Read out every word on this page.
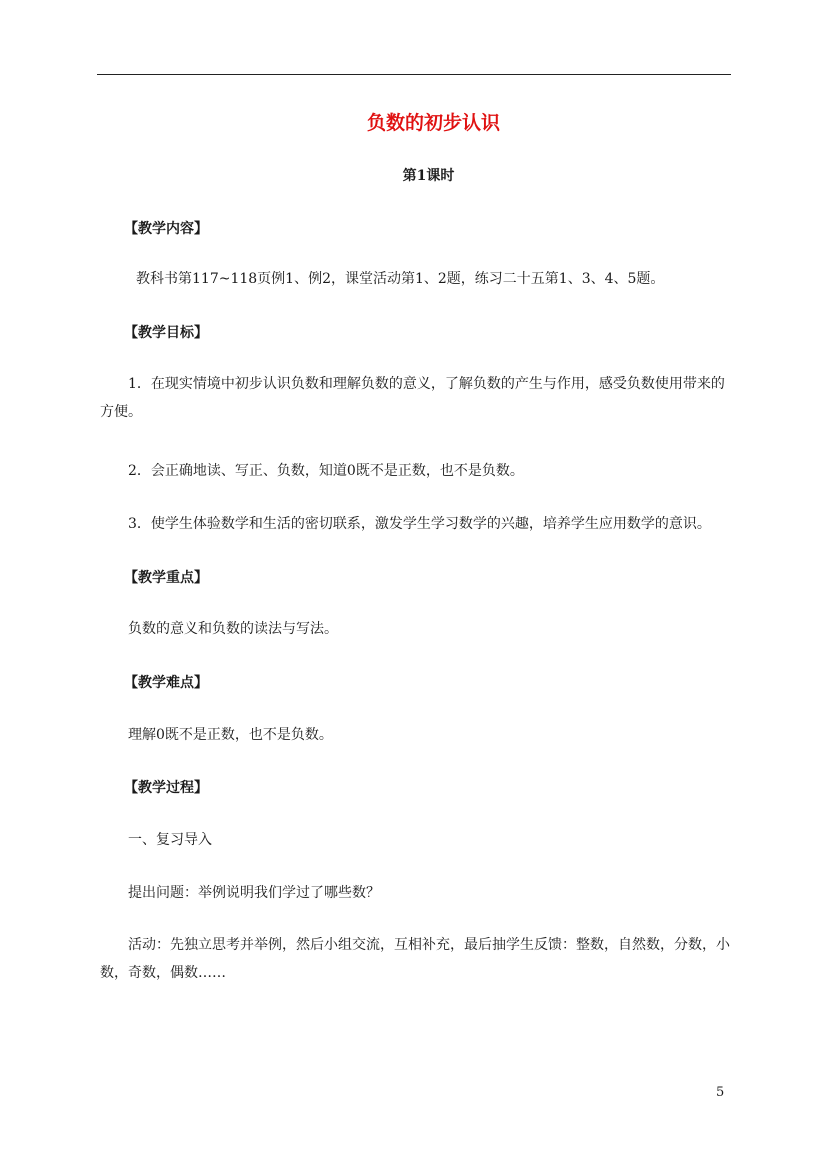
负数的初步认识
第1课时
【教学内容】
教科书第117~118页例1、例2，课堂活动第1、2题，练习二十五第1、3、4、5题。
【教学目标】
1．在现实情境中初步认识负数和理解负数的意义，了解负数的产生与作用，感受负数使用带来的方便。
2．会正确地读、写正、负数，知道0既不是正数，也不是负数。
3．使学生体验数学和生活的密切联系，激发学生学习数学的兴趣，培养学生应用数学的意识。
【教学重点】
负数的意义和负数的读法与写法。
【教学难点】
理解0既不是正数，也不是负数。
【教学过程】
一、复习导入
提出问题：举例说明我们学过了哪些数？
活动：先独立思考并举例，然后小组交流，互相补充，最后抽学生反馈：整数，自然数，分数，小数，奇数，偶数……
5
